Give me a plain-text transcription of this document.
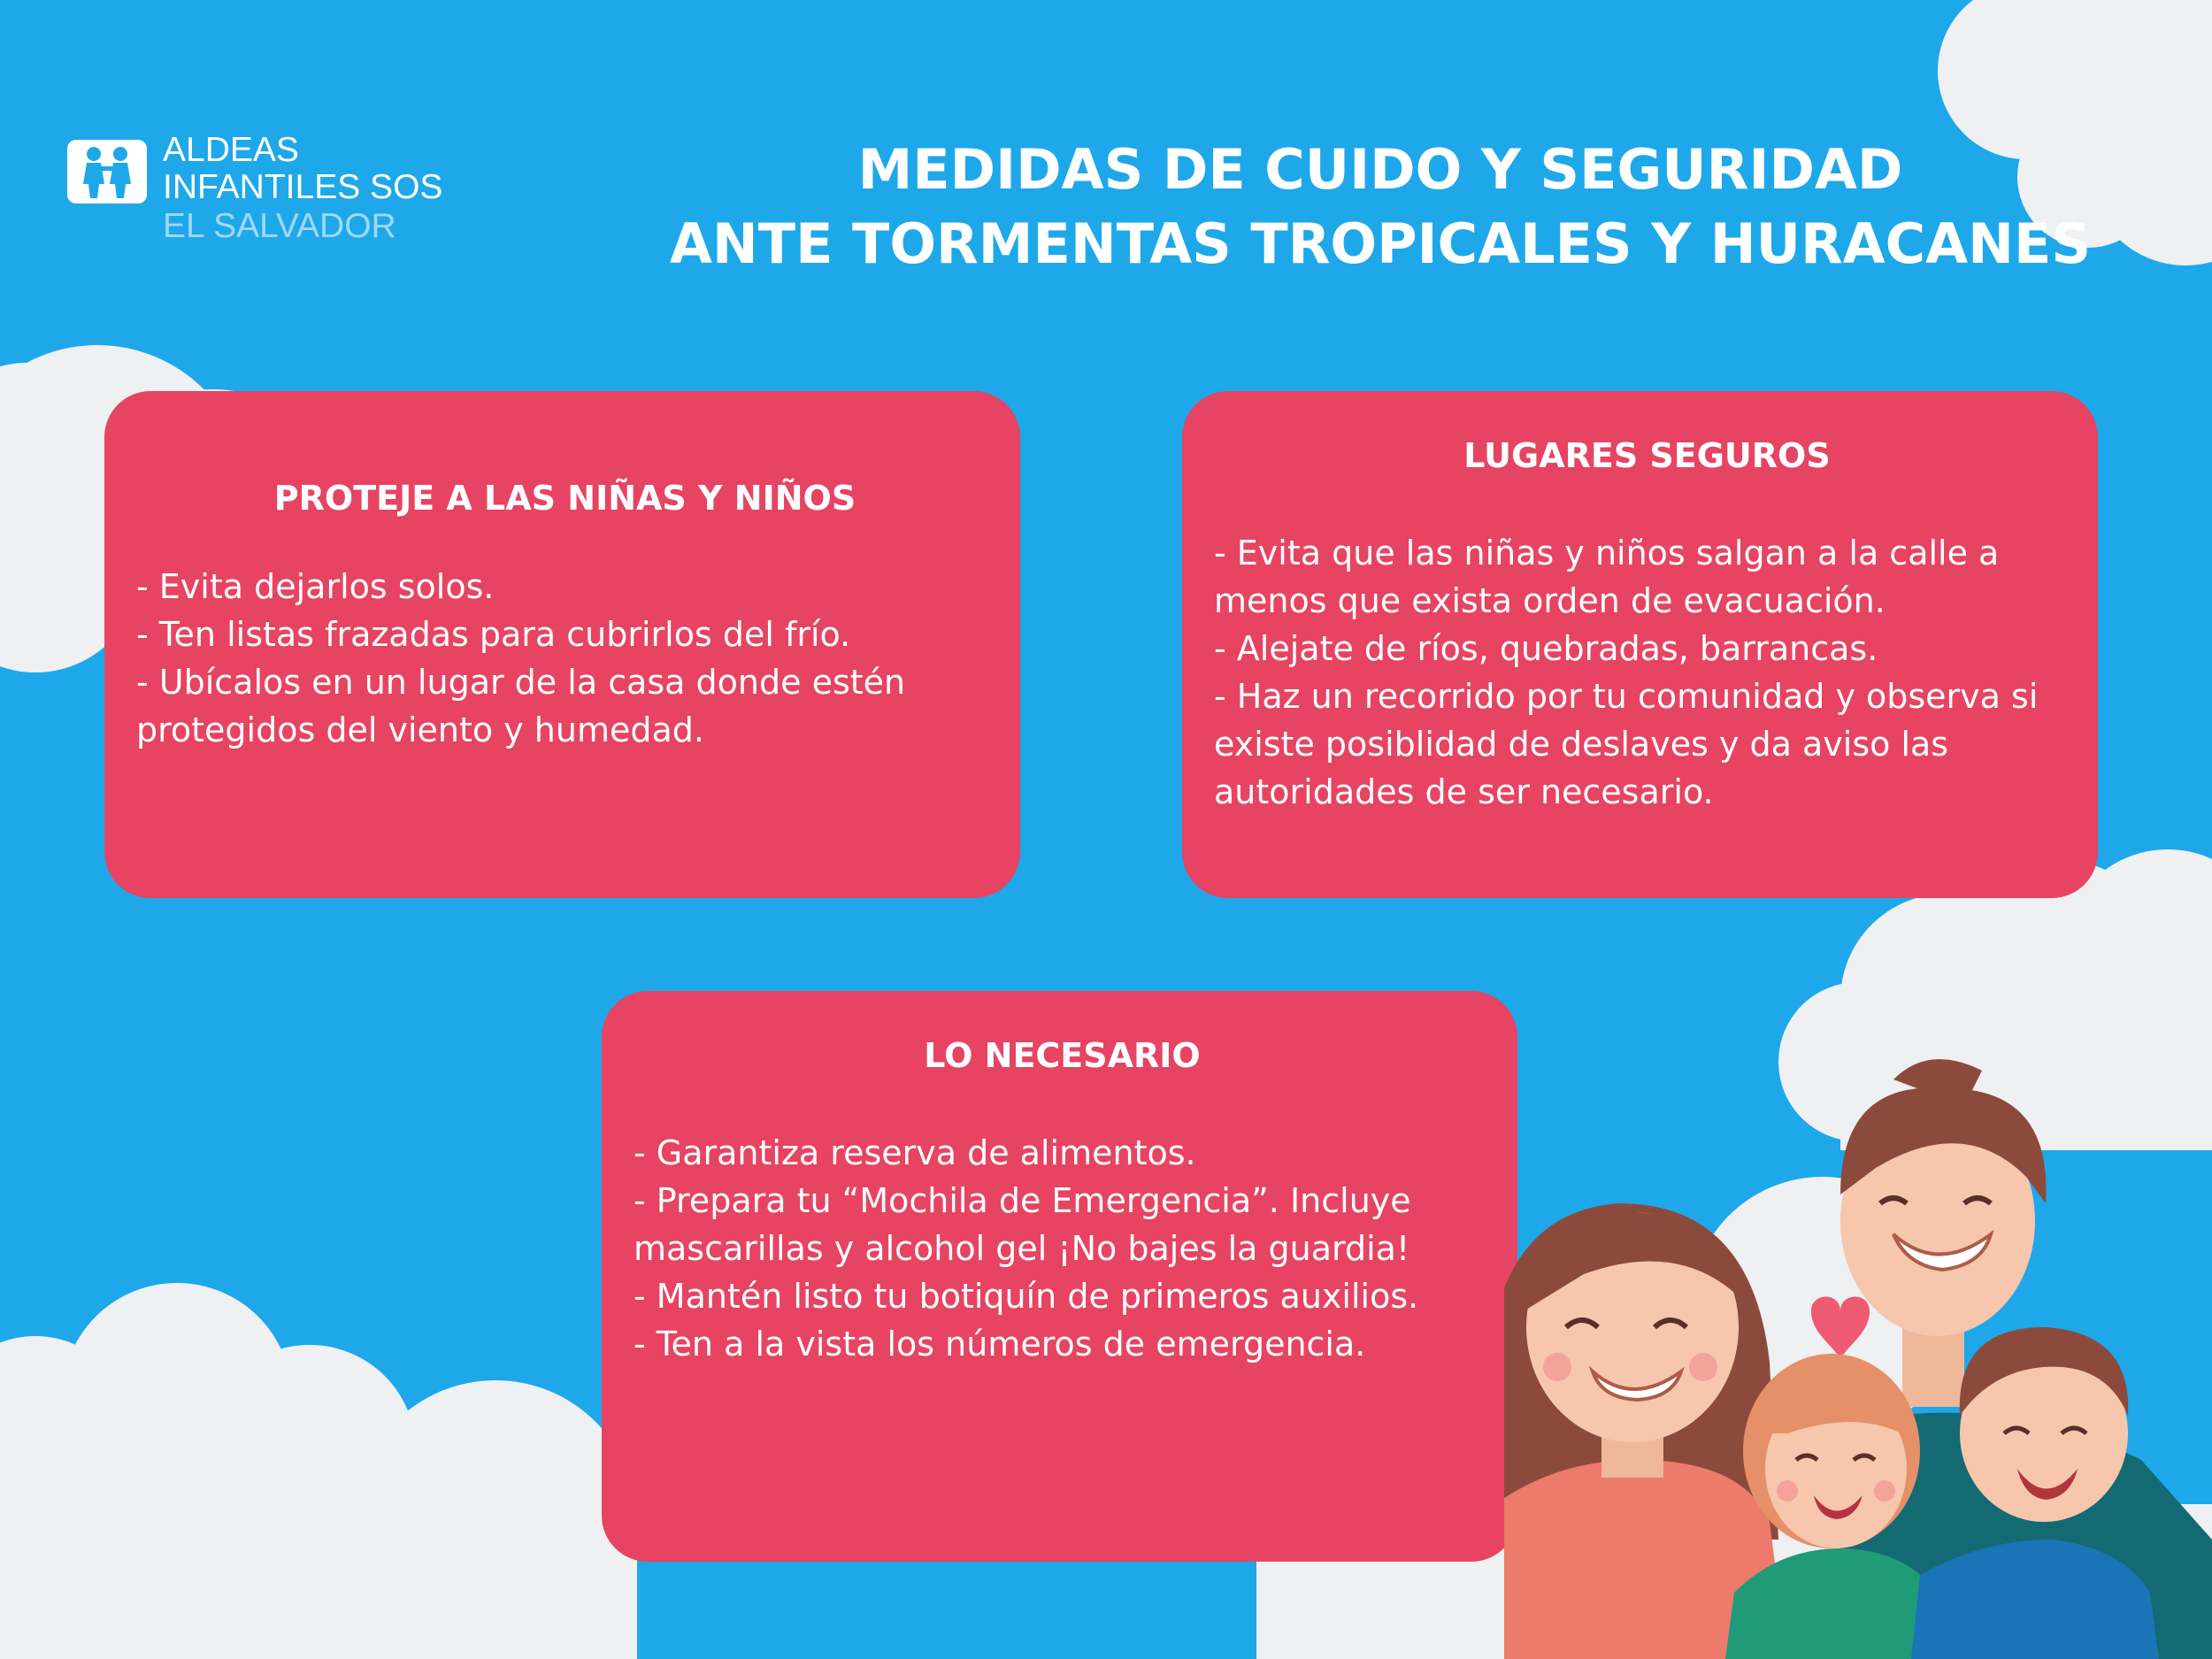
ALDEAS
INFANTILES SOS
EL SALVADOR
MEDIDAS DE CUIDO Y SEGURIDAD
ANTE TORMENTAS TROPICALES Y HURACANES
PROTEJE A LAS NIÑAS Y NIÑOS
- Evita dejarlos solos.
- Ten listas frazadas para cubrirlos del frío.
- Ubícalos en un lugar de la casa donde estén protegidos del viento y humedad.
LUGARES SEGUROS
- Evita que las niñas y niños salgan a la calle a menos que exista orden de evacuación.
- Alejate de ríos, quebradas, barrancas.
- Haz un recorrido por tu comunidad y observa si existe posiblidad de deslaves y da aviso las autoridades de ser necesario.
LO NECESARIO
- Garantiza reserva de alimentos.
- Prepara tu “Mochila de Emergencia”. Incluye mascarillas y alcohol gel ¡No bajes la guardia!
- Mantén listo tu botiquín de primeros auxilios.
- Ten a la vista los números de emergencia.
